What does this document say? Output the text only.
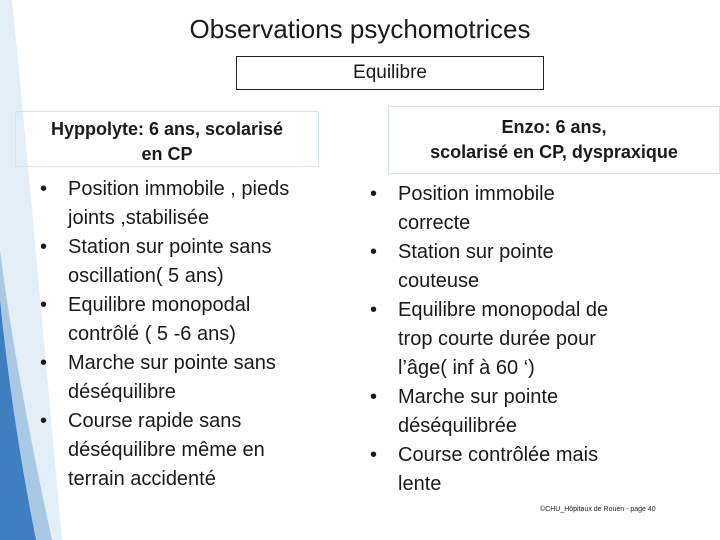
Observations psychomotrices
Equilibre
Hyppolyte: 6 ans, scolarisé
en CP
Enzo: 6 ans,
scolarisé en CP, dyspraxique
• Position immobile , pieds
joints ,stabilisée
• Station sur pointe sans
oscillation( 5 ans)
• Equilibre monopodal
contrôlé ( 5 -6 ans)
• Marche sur pointe sans
déséquilibre
• Course rapide sans
déséquilibre même en
terrain accidenté
• Position immobile
correcte
• Station sur pointe
couteuse
• Equilibre monopodal de
trop courte durée pour
l’âge( inf à 60 ‘)
• Marche sur pointe
déséquilibrée
• Course contrôlée mais
lente
©CHU_Hôpitaux de Rouen - page 40
